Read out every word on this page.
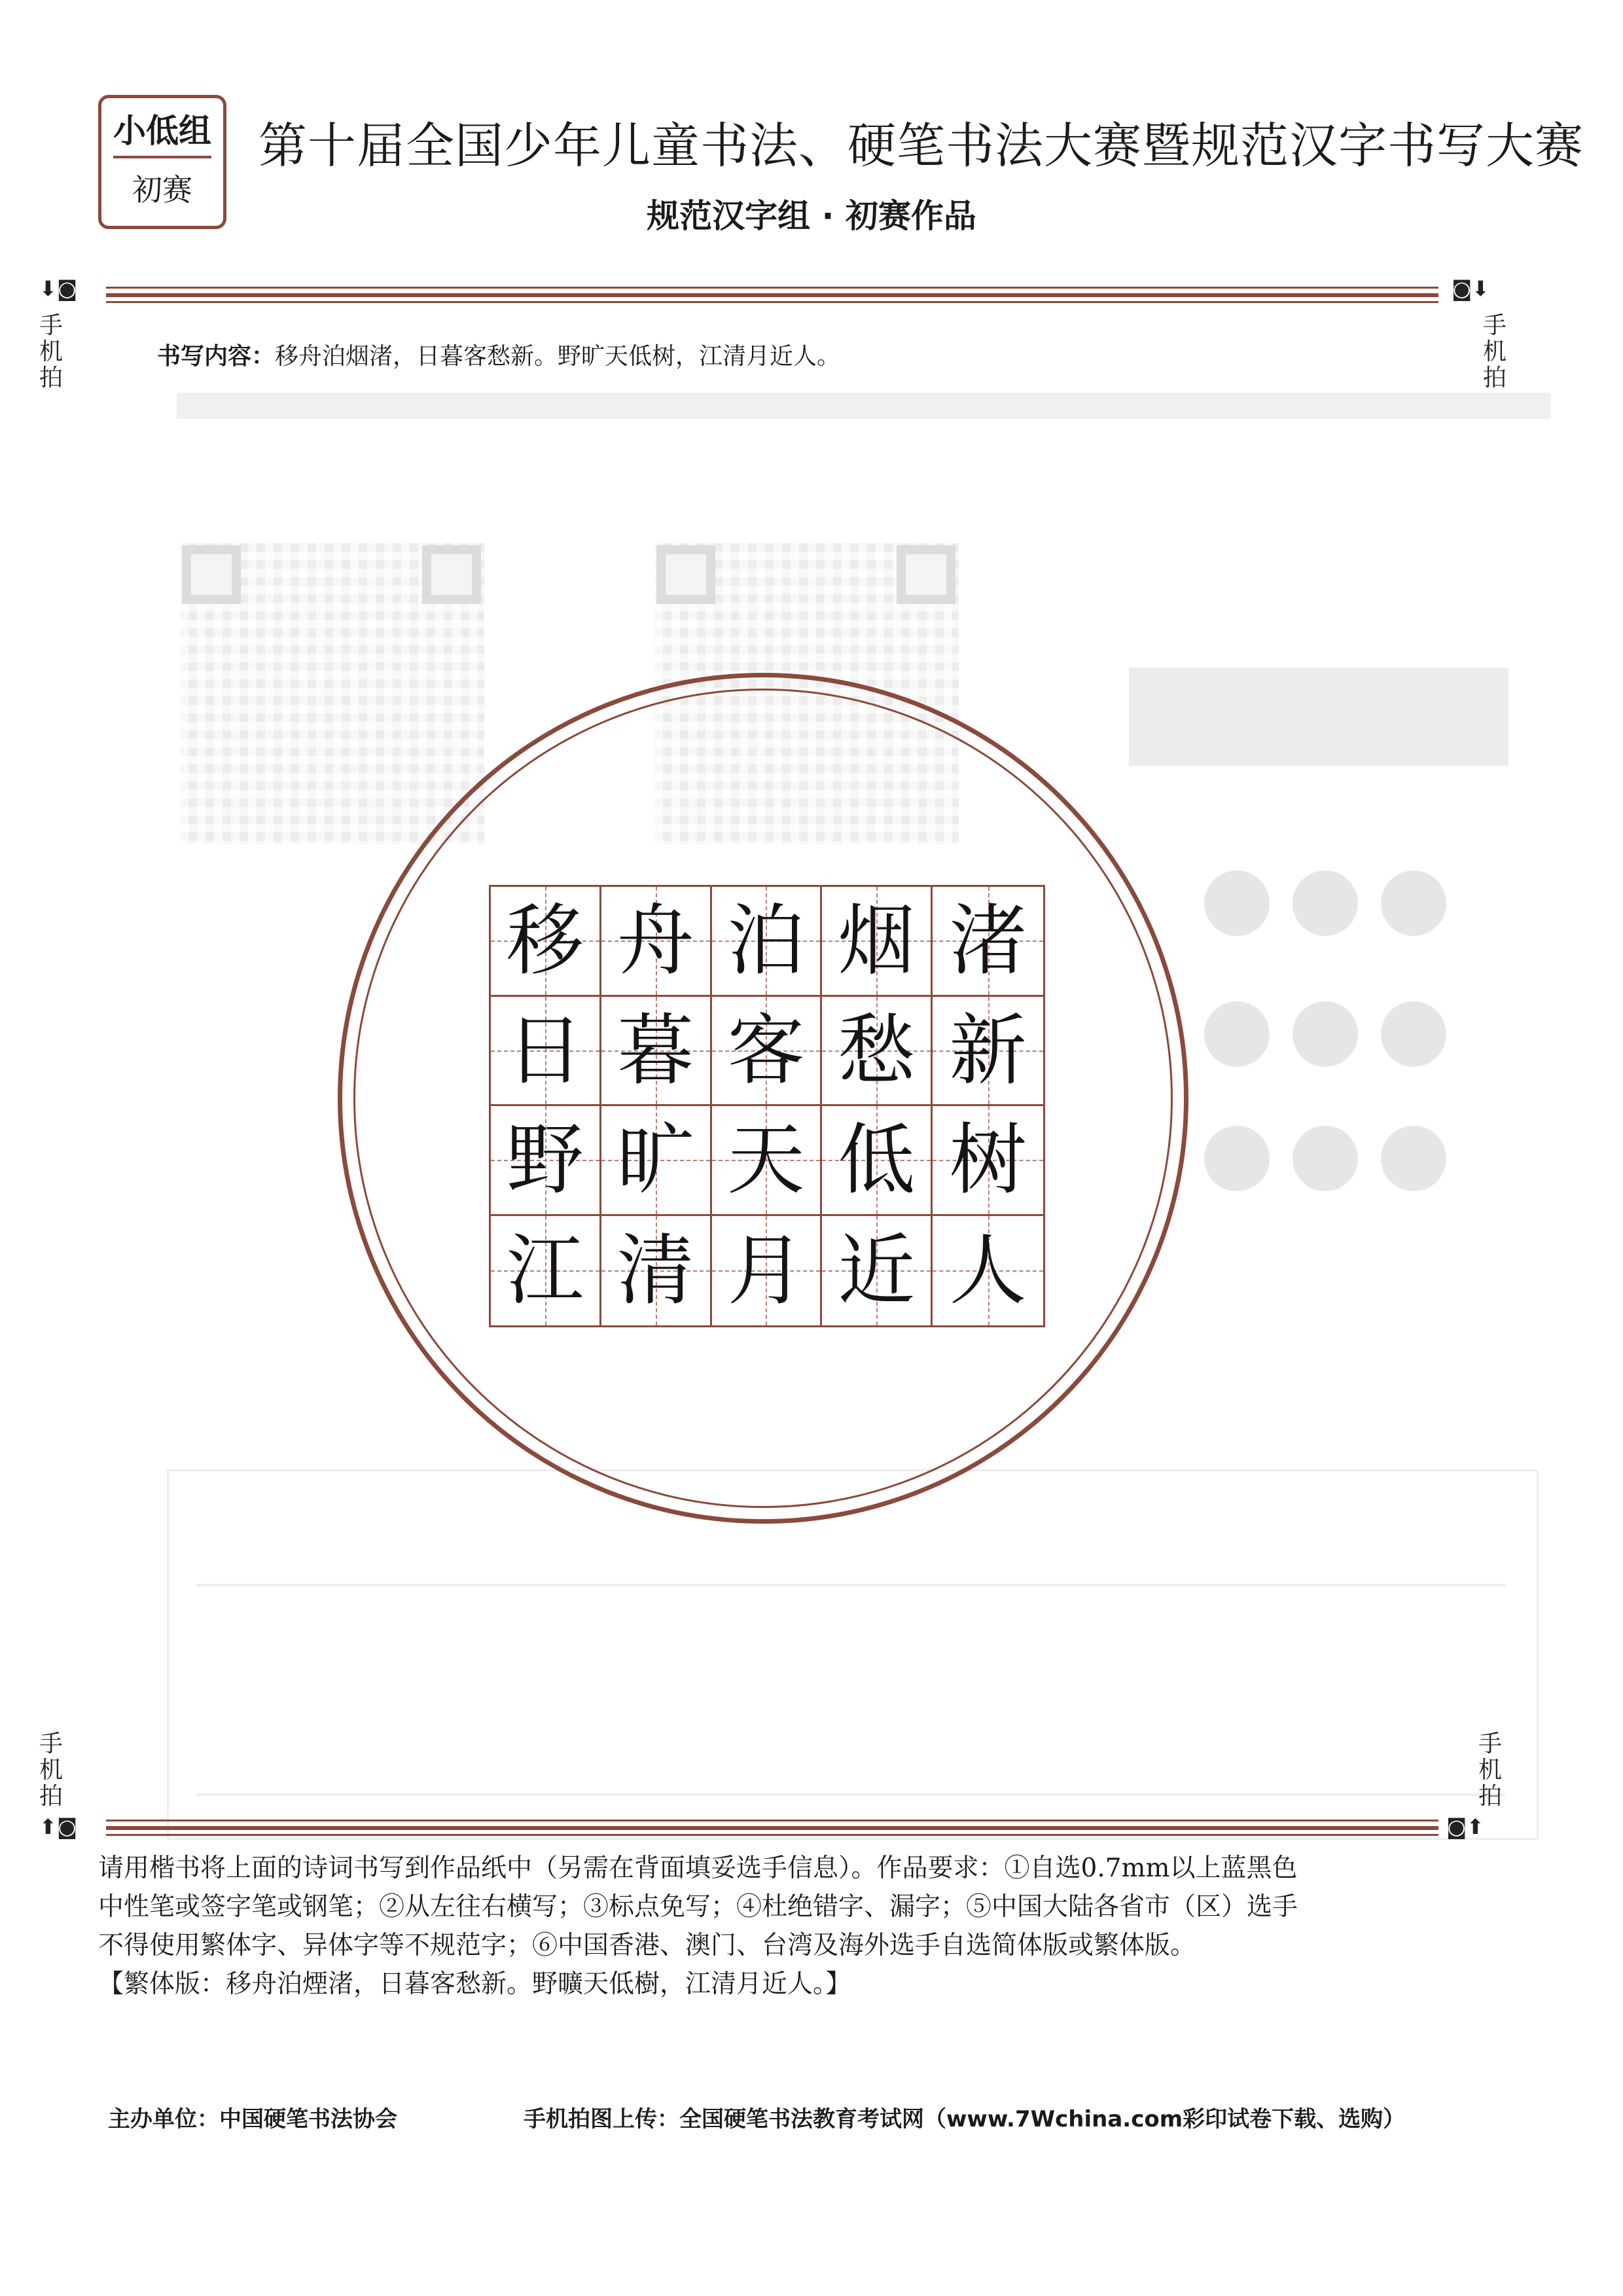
小低组
初赛
第十届全国少年儿童书法、硬笔书法大赛暨规范汉字书写大赛
规范汉字组 · 初赛作品
⬇︎◙	◙⬇︎
手
机
拍
手
机
拍
书写内容：移舟泊烟渚，日暮客愁新。野旷天低树，江清月近人。
移 舟 泊 烟 渚
日 暮 客 愁 新
野 旷 天 低 树
江 清 月 近 人
手
机
拍
手
机
拍
⬆︎◙	◙⬆︎

请用楷书将上面的诗词书写到作品纸中（另需在背面填妥选手信息）。作品要求：①自选0.7mm以上蓝黑色

中性笔或签字笔或钢笔；②从左往右横写；③标点免写；④杜绝错字、漏字；⑤中国大陆各省市（区）选手

不得使用繁体字、异体字等不规范字；⑥中国香港、澳门、台湾及海外选手自选简体版或繁体版。

【繁体版：移舟泊煙渚，日暮客愁新。野曠天低樹，江清月近人。】

主办单位：中国硬笔书法协会	手机拍图上传：全国硬笔书法教育考试网（www.7Wchina.com彩印试卷下载、选购）
